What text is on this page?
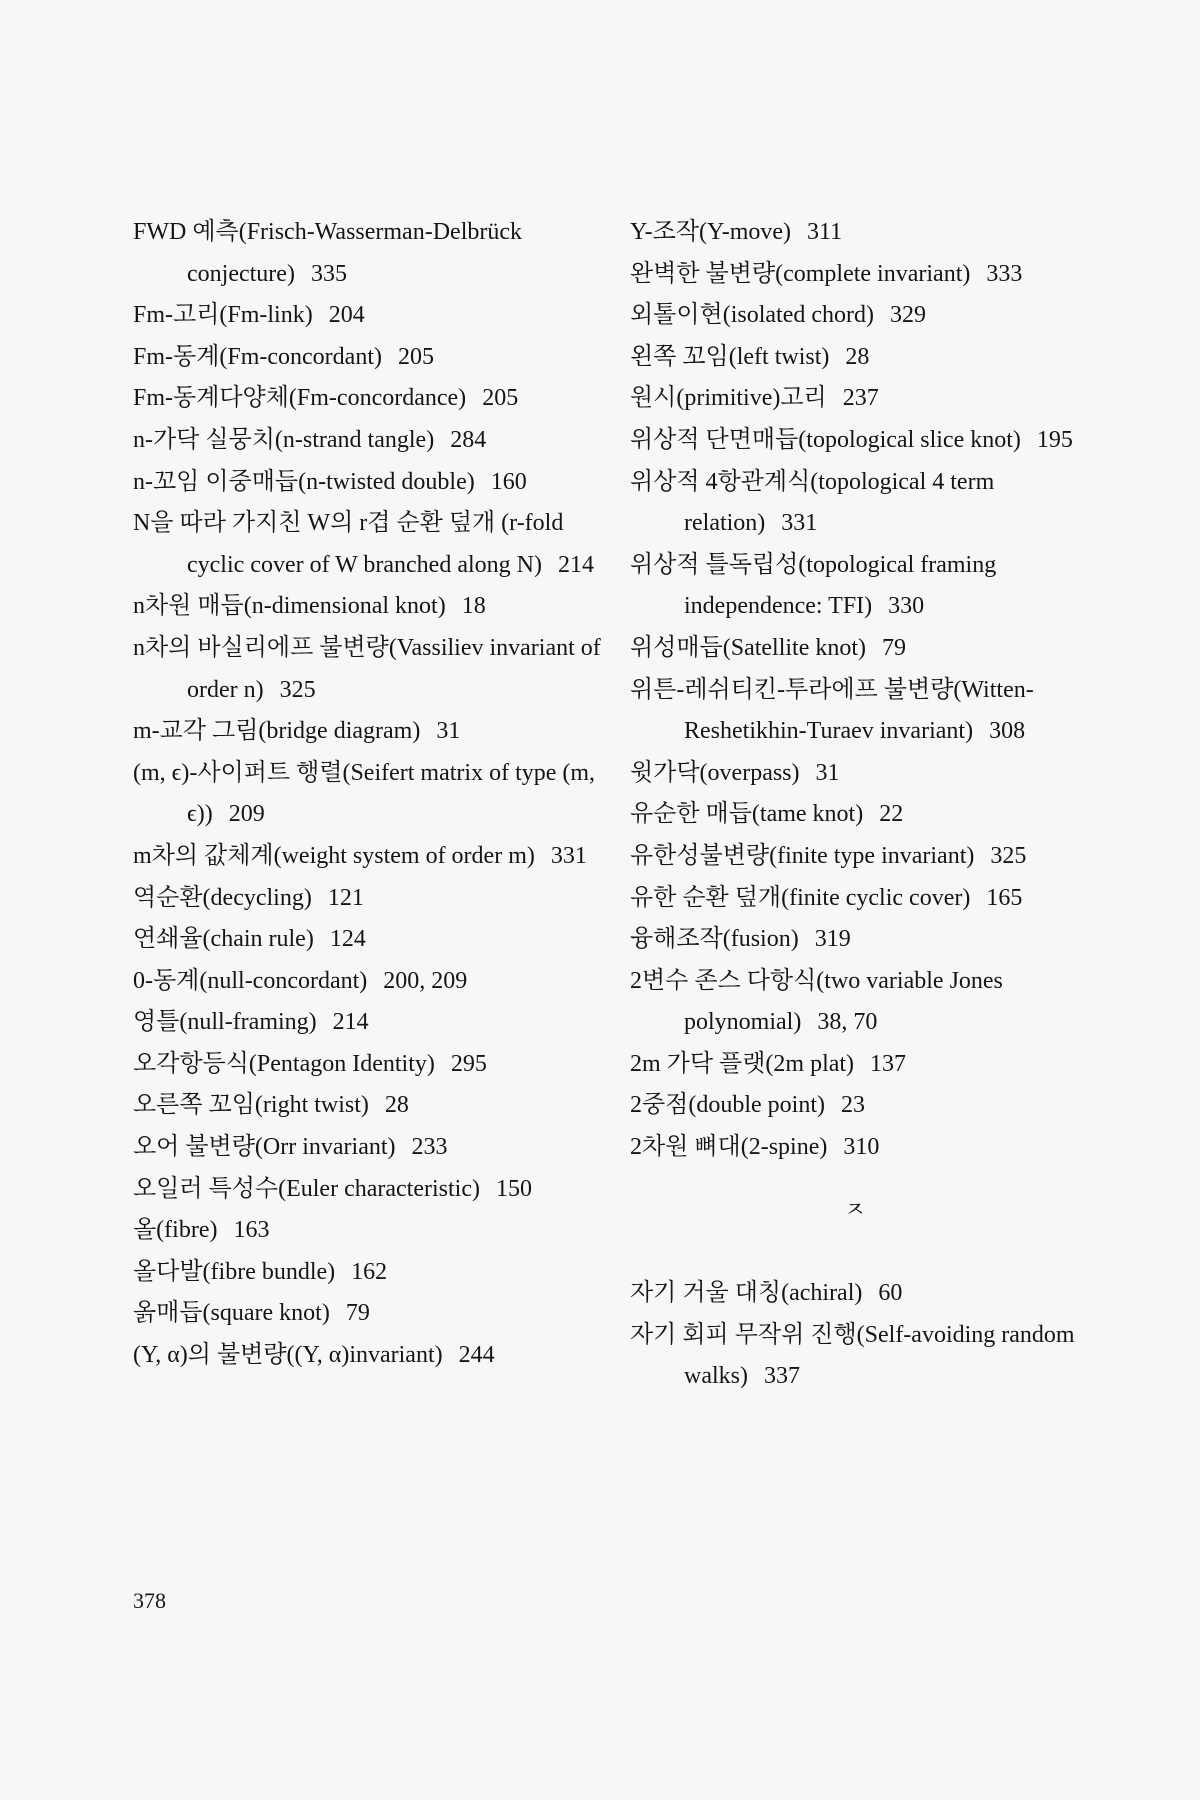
FWD 예측(Frisch-Wasserman-Delbrück conjecture) 335

Fm-고리(Fm-link) 204

Fm-동계(Fm-concordant) 205

Fm-동계다양체(Fm-concordance) 205

n-가닥 실뭉치(n-strand tangle) 284

n-꼬임 이중매듭(n-twisted double) 160

N을 따라 가지친 W의 r겹 순환 덮개 (r-fold cyclic cover of W branched along N) 214

n차원 매듭(n-dimensional knot) 18

n차의 바실리에프 불변량(Vassiliev invariant of order n) 325

m-교각 그림(bridge diagram) 31

(m, ϵ)-사이퍼트 행렬(Seifert matrix of type (m, ϵ)) 209

m차의 값체계(weight system of order m) 331

역순환(decycling) 121

연쇄율(chain rule) 124

0-동계(null-concordant) 200, 209

영틀(null-framing) 214

오각항등식(Pentagon Identity) 295

오른쪽 꼬임(right twist) 28

오어 불변량(Orr invariant) 233

오일러 특성수(Euler characteristic) 150

올(fibre) 163

올다발(fibre bundle) 162

옭매듭(square knot) 79

(Y, α)의 불변량((Y, α)invariant) 244

Y-조작(Y-move) 311

완벽한 불변량(complete invariant) 333

외톨이현(isolated chord) 329

왼쪽 꼬임(left twist) 28

원시(primitive)고리 237

위상적 단면매듭(topological slice knot) 195

위상적 4항관계식(topological 4 term relation) 331

위상적 틀독립성(topological framing independence: TFI) 330

위성매듭(Satellite knot) 79

위튼-레쉬티킨-투라에프 불변량(Witten-Reshetikhin-Turaev invariant) 308

윗가닥(overpass) 31

유순한 매듭(tame knot) 22

유한성불변량(finite type invariant) 325

유한 순환 덮개(finite cyclic cover) 165

융해조작(fusion) 319

2변수 존스 다항식(two variable Jones polynomial) 38, 70

2m 가닥 플랫(2m plat) 137

2중점(double point) 23

2차원 뼈대(2-spine) 310

ㅈ

자기 거울 대칭(achiral) 60

자기 회피 무작위 진행(Self-avoiding random walks) 337

378
